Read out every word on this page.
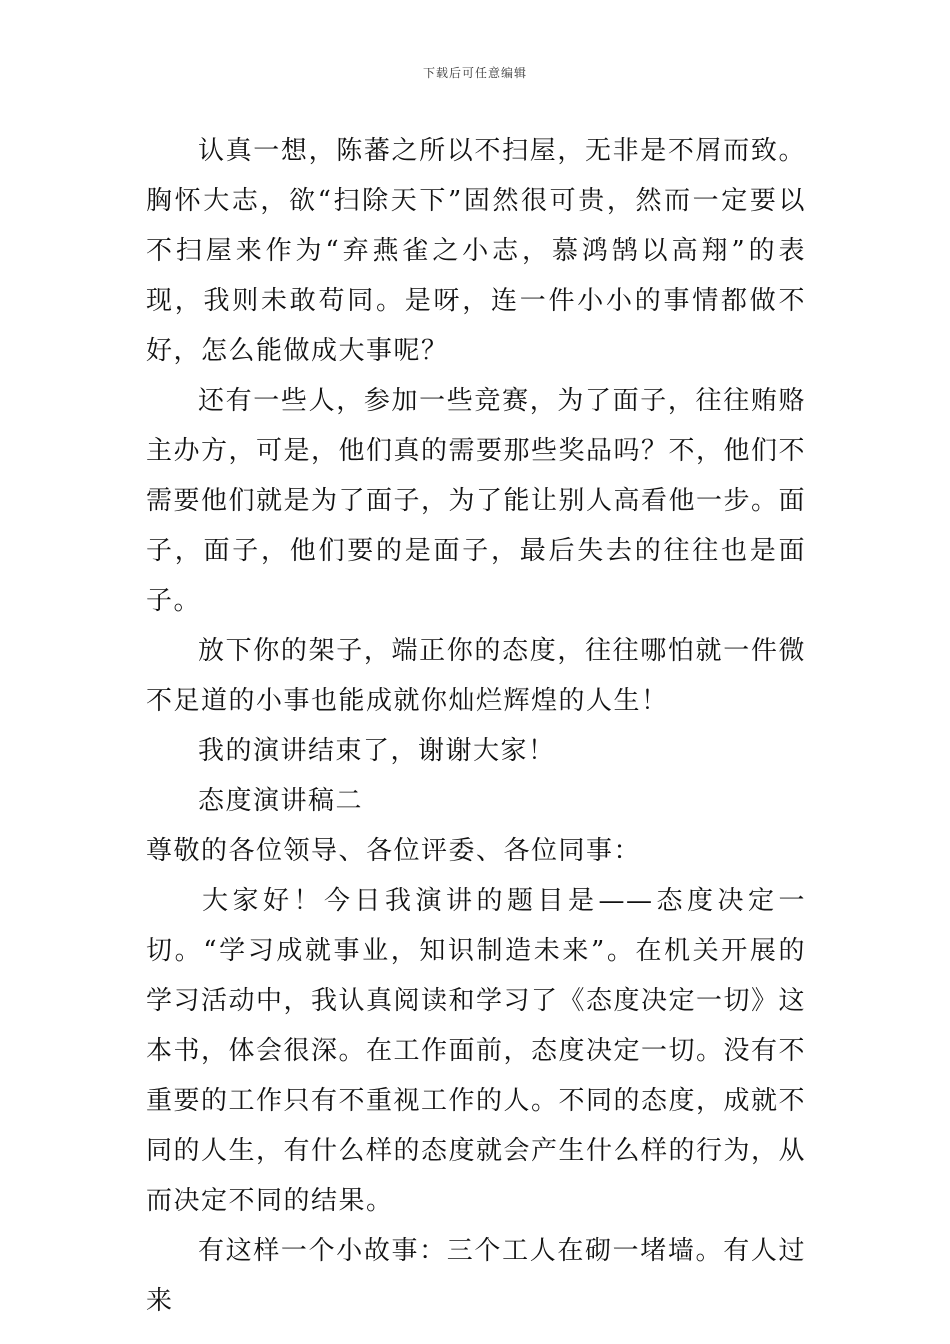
下载后可任意编辑

认真一想，陈蕃之所以不扫屋，无非是不屑而致。胸怀大志，欲“扫除天下”固然很可贵，然而一定要以不扫屋来作为“弃燕雀之小志，慕鸿鹄以高翔”的表现，我则未敢苟同。是呀，连一件小小的事情都做不好，怎么能做成大事呢？

还有一些人，参加一些竞赛，为了面子，往往贿赂主办方，可是，他们真的需要那些奖品吗？不，他们不需要他们就是为了面子，为了能让别人高看他一步。面子，面子，他们要的是面子，最后失去的往往也是面子。

放下你的架子，端正你的态度，往往哪怕就一件微不足道的小事也能成就你灿烂辉煌的人生！

我的演讲结束了，谢谢大家！

态度演讲稿二

尊敬的各位领导、各位评委、各位同事：

大家好！今日我演讲的题目是——态度决定一切。“学习成就事业，知识制造未来”。在机关开展的学习活动中，我认真阅读和学习了《态度决定一切》这本书，体会很深。在工作面前，态度决定一切。没有不重要的工作只有不重视工作的人。不同的态度，成就不同的人生，有什么样的态度就会产生什么样的行为，从而决定不同的结果。

有这样一个小故事：三个工人在砌一堵墙。有人过来
